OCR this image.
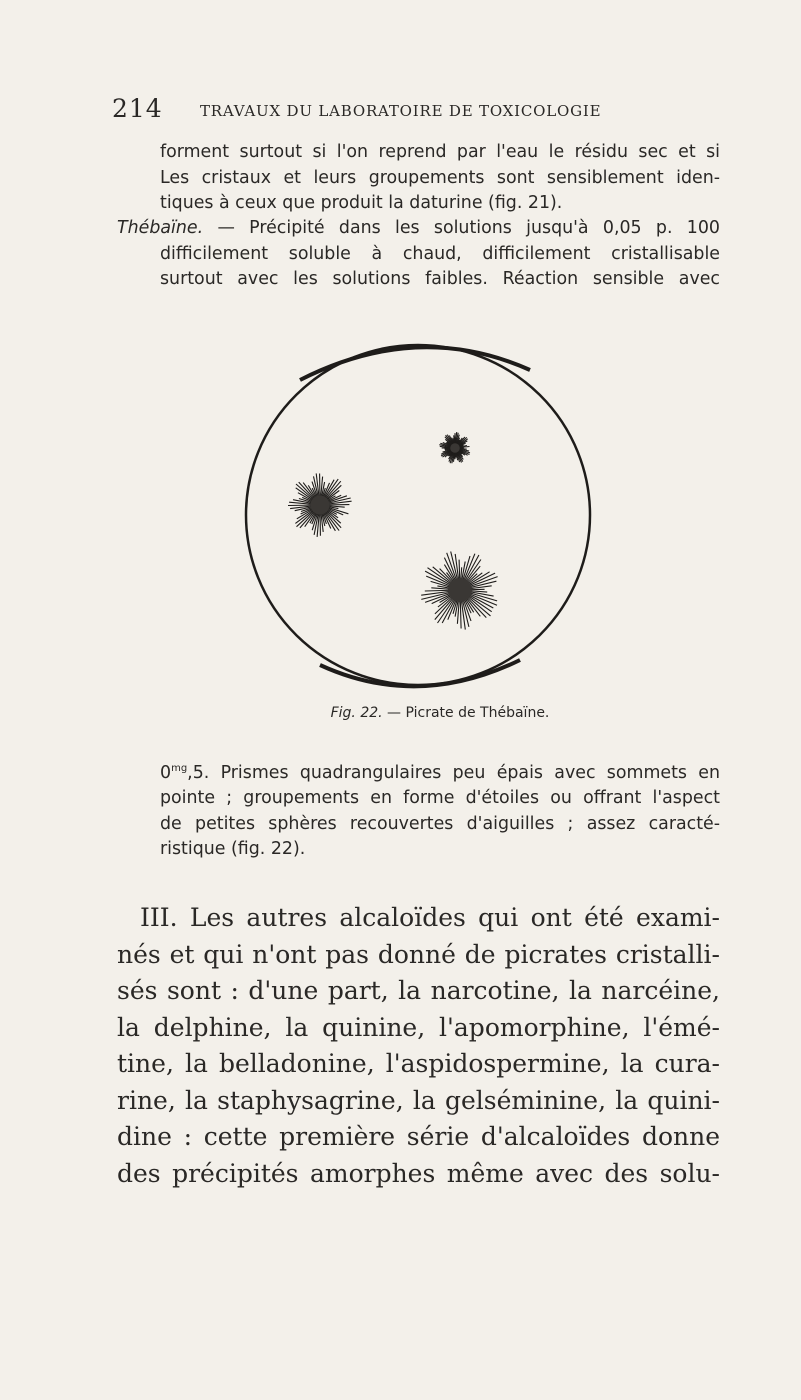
214 TRAVAUX DU LABORATOIRE DE TOXICOLOGIE
forment surtout si l'on reprend par l'eau le résidu sec et si
Les cristaux et leurs groupements sont sensiblement iden-
tiques à ceux que produit la daturine (fig. 21).
Thébaïne. — Précipité dans les solutions jusqu'à 0,05 p. 100
difficilement soluble à chaud, difficilement cristallisable
surtout avec les solutions faibles. Réaction sensible avec
Fig. 22. — Picrate de Thébaïne.
$0^{mg},5$. Prismes quadrangulaires peu épais avec sommets en
pointe ; groupements en forme d'étoiles ou offrant l'aspect
de petites sphères recouvertes d'aiguilles ; assez caracté-
ristique (fig. 22).
III. Les autres alcaloïdes qui ont été exami-
nés et qui n'ont pas donné de picrates cristalli-
sés sont : d'une part, la narcotine, la narcéine,
la delphine, la quinine, l'apomorphine, l'émé-
tine, la belladonine, l'aspidospermine, la cura-
rine, la staphysagrine, la gelséminine, la quini-
dine : cette première série d'alcaloïdes donne
des précipités amorphes même avec des solu-
